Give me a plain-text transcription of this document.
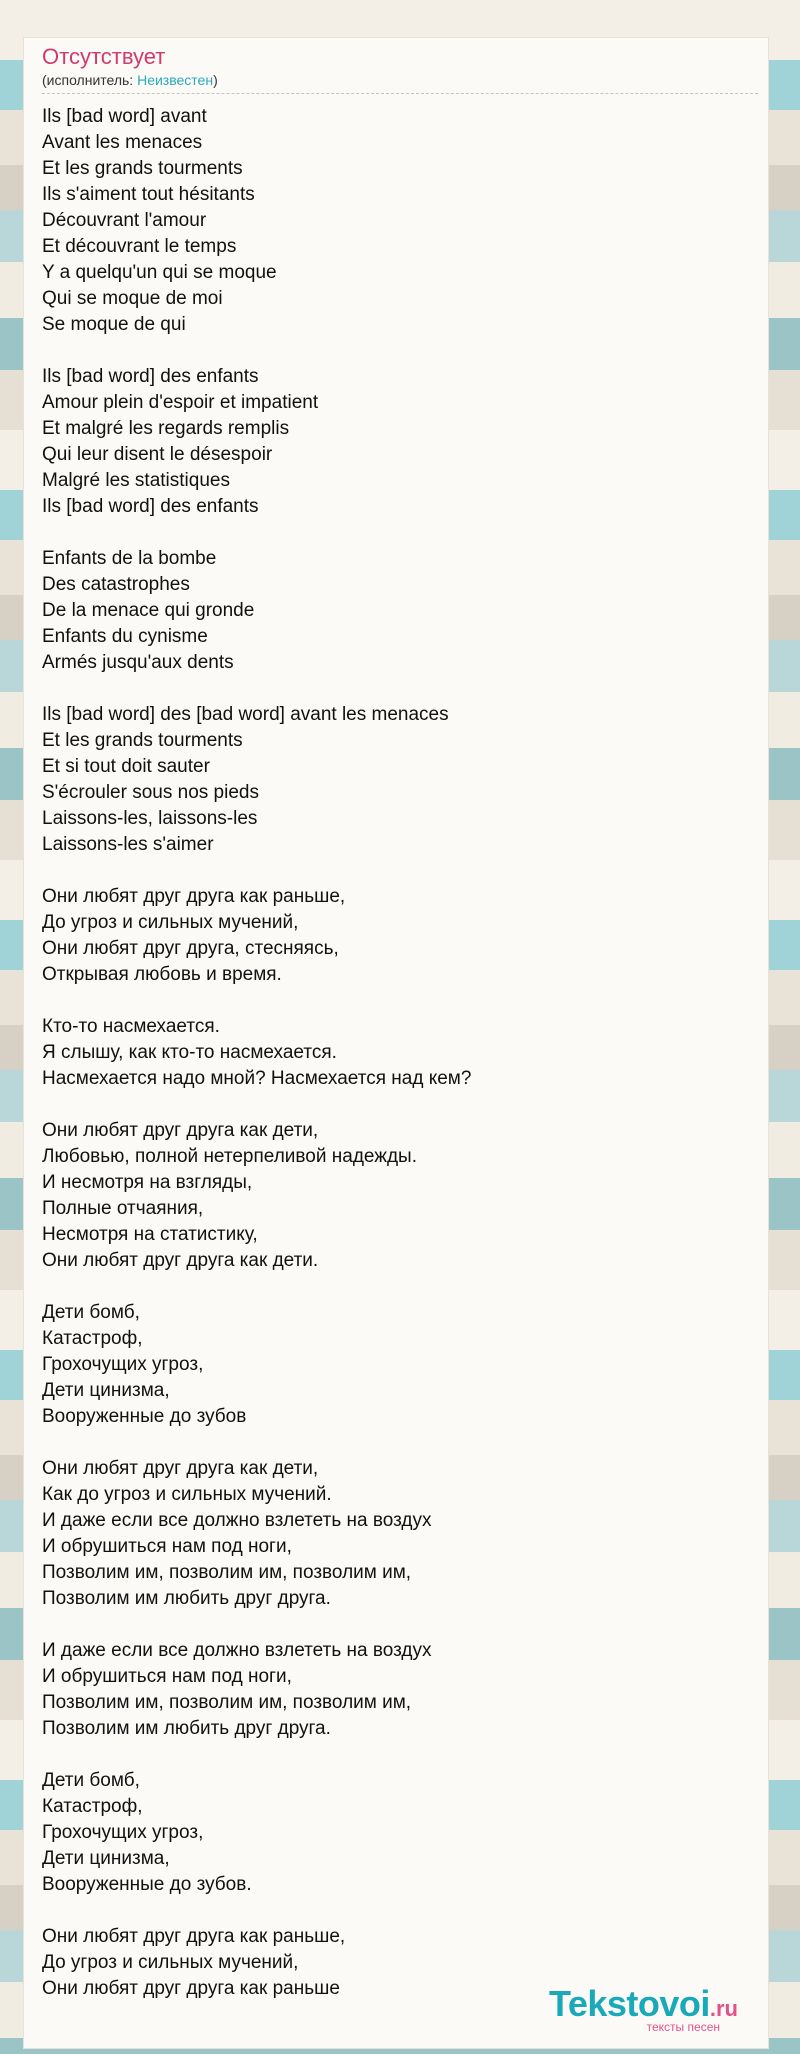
Отсутствует
(исполнитель: Неизвестен)
Ils [bad word] avant
Avant les menaces
Et les grands tourments
Ils s'aiment tout hésitants
Découvrant l'amour
Et découvrant le temps
Y a quelqu'un qui se moque
Qui se moque de moi
Se moque de qui
Ils [bad word] des enfants
Amour plein d'espoir et impatient
Et malgré les regards remplis
Qui leur disent le désespoir
Malgré les statistiques
Ils [bad word] des enfants
Enfants de la bombe
Des catastrophes
De la menace qui gronde
Enfants du cynisme
Armés jusqu'aux dents
Ils [bad word] des [bad word] avant les menaces
Et les grands tourments
Et si tout doit sauter
S'écrouler sous nos pieds
Laissons-les, laissons-les
Laissons-les s'aimer
Они любят друг друга как раньше,
До угроз и сильных мучений,
Они любят друг друга, стесняясь,
Открывая любовь и время.
Кто-то насмехается.
Я слышу, как кто-то насмехается.
Насмехается надо мной? Насмехается над кем?
Они любят друг друга как дети,
Любовью, полной нетерпеливой надежды.
И несмотря на взгляды,
Полные отчаяния,
Несмотря на статистику,
Они любят друг друга как дети.
Дети бомб,
Катастроф,
Грохочущих угроз,
Дети цинизма,
Вооруженные до зубов
Они любят друг друга как дети,
Как до угроз и сильных мучений.
И даже если все должно взлететь на воздух
И обрушиться нам под ноги,
Позволим им, позволим им, позволим им,
Позволим им любить друг друга.
И даже если все должно взлететь на воздух
И обрушиться нам под ноги,
Позволим им, позволим им, позволим им,
Позволим им любить друг друга.
Дети бомб,
Катастроф,
Грохочущих угроз,
Дети цинизма,
Вооруженные до зубов.
Они любят друг друга как раньше,
До угроз и сильных мучений,
Они любят друг друга как раньше	Tekstovoi.ru
тексты песен
